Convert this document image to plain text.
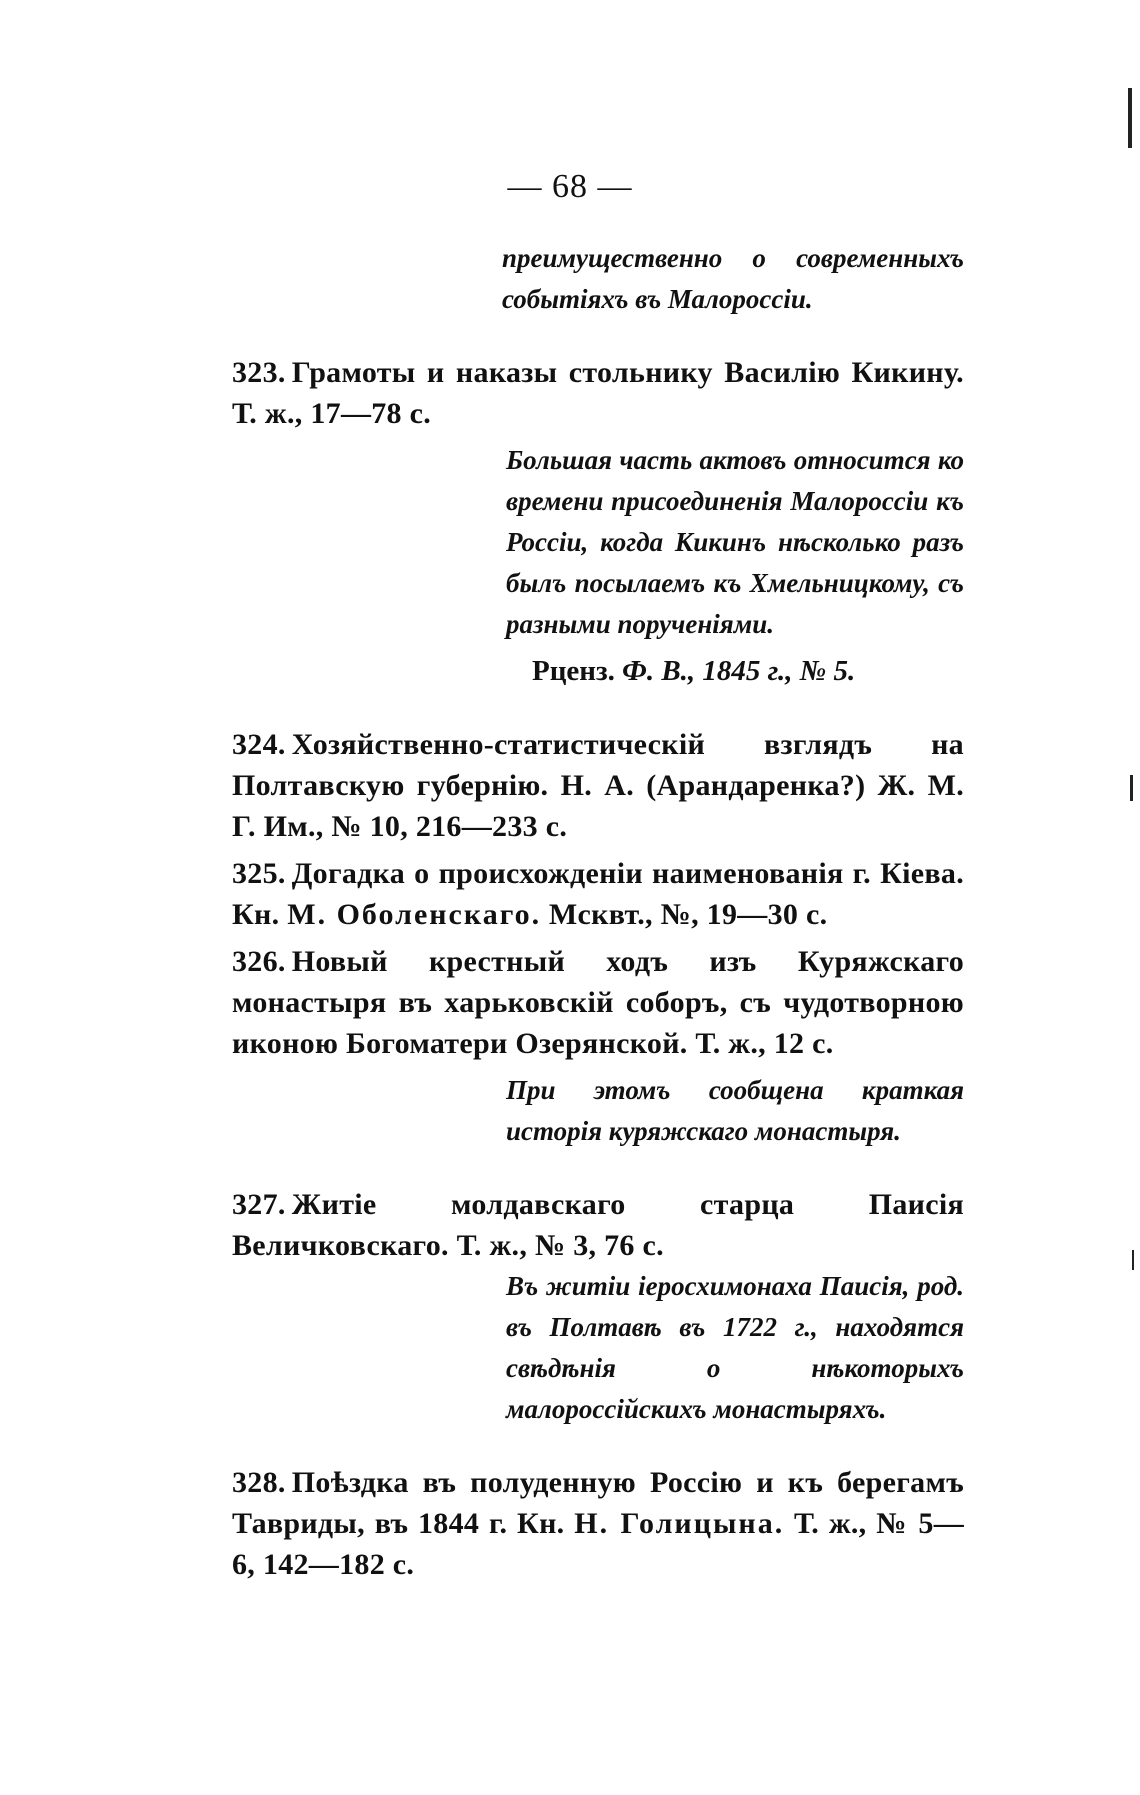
— 68 —
преимущественно о современныхъ событіяхъ въ Малороссіи.
323. Грамоты и наказы стольнику Василію Кикину. Т. ж., 17—78 с.
Большая часть актовъ относится ко времени присоединенія Малороссіи къ Россіи, когда Кикинъ нѣсколько разъ былъ посылаемъ къ Хмельницкому, съ разными порученіями.
Рценз. Ф. В., 1845 г., № 5.
324. Хозяйственно-статистическій взглядъ на Полтавскую губернію. Н. А. (Арандаренка?) Ж. М. Г. Им., № 10, 216—233 с.
325. Догадка о происхожденіи наименованія г. Кіева. Кн. М. Оболенскаго. Мсквт., №, 19—30 с.
326. Новый крестный ходъ изъ Куряжскаго монастыря въ харьковскій соборъ, съ чудотворною иконою Богоматери Озерянской. Т. ж., 12 с.
При этомъ сообщена краткая исторія куряжскаго монастыря.
327. Житіе молдавскаго старца Паисія Величковскаго. Т. ж., № 3, 76 с.
Въ житіи іеросхимонаха Паисія, род. въ Полтавѣ въ 1722 г., находятся свѣдѣнія о нѣкоторыхъ малороссійскихъ монастыряхъ.
328. Поѣздка въ полуденную Россію и къ берегамъ Тавриды, въ 1844 г. Кн. Н. Голицына. Т. ж., № 5—6, 142—182 с.
